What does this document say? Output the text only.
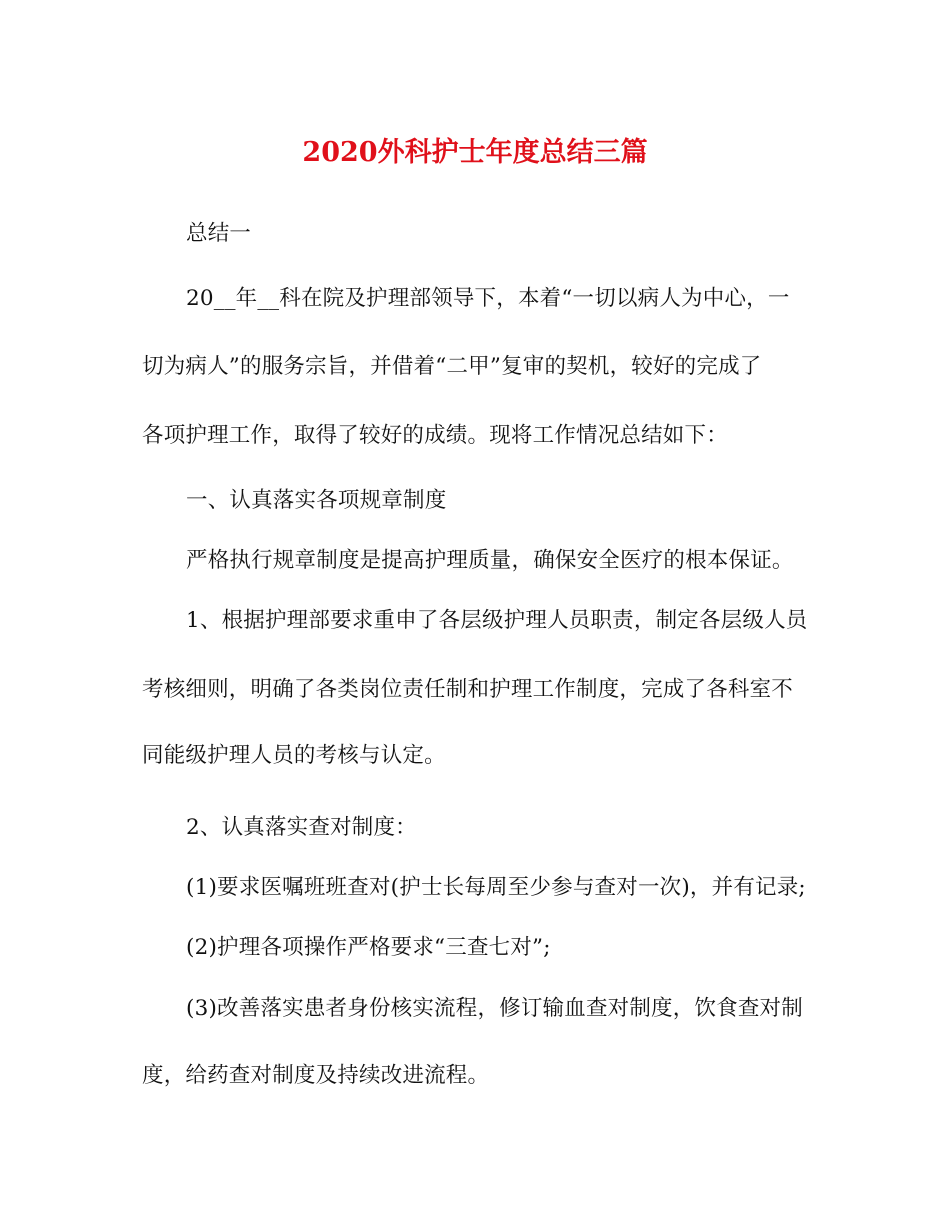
2020外科护士年度总结三篇
总结一
20__年__科在院及护理部领导下，本着“一切以病人为中心，一
切为病人”的服务宗旨，并借着“二甲”复审的契机，较好的完成了
各项护理工作，取得了较好的成绩。现将工作情况总结如下：
一、认真落实各项规章制度
严格执行规章制度是提高护理质量，确保安全医疗的根本保证。
1、根据护理部要求重申了各层级护理人员职责，制定各层级人员
考核细则，明确了各类岗位责任制和护理工作制度，完成了各科室不
同能级护理人员的考核与认定。
2、认真落实查对制度：
(1)要求医嘱班班查对(护士长每周至少参与查对一次)，并有记录;
(2)护理各项操作严格要求“三查七对”;
(3)改善落实患者身份核实流程，修订输血查对制度，饮食查对制
度，给药查对制度及持续改进流程。
